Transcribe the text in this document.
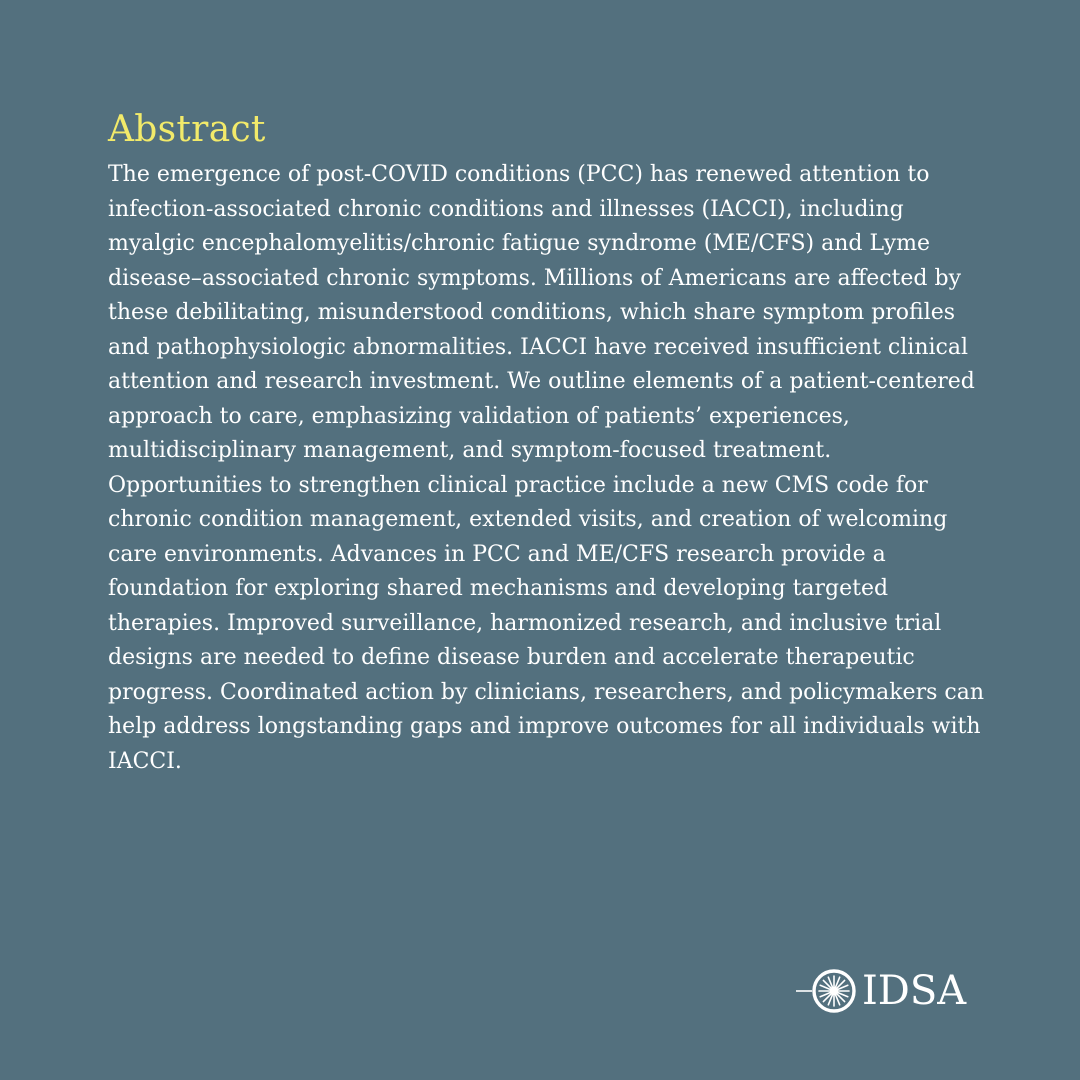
Abstract

The emergence of post-COVID conditions (PCC) has renewed attention to infection-associated chronic conditions and illnesses (IACCI), including myalgic encephalomyelitis/chronic fatigue syndrome (ME/CFS) and Lyme disease–associated chronic symptoms. Millions of Americans are affected by these debilitating, misunderstood conditions, which share symptom profiles and pathophysiologic abnormalities. IACCI have received insufficient clinical attention and research investment. We outline elements of a patient-centered approach to care, emphasizing validation of patients’ experiences, multidisciplinary management, and symptom-focused treatment. Opportunities to strengthen clinical practice include a new CMS code for chronic condition management, extended visits, and creation of welcoming care environments. Advances in PCC and ME/CFS research provide a foundation for exploring shared mechanisms and developing targeted therapies. Improved surveillance, harmonized research, and inclusive trial designs are needed to define disease burden and accelerate therapeutic progress. Coordinated action by clinicians, researchers, and policymakers can help address longstanding gaps and improve outcomes for all individuals with IACCI.

IDSA
